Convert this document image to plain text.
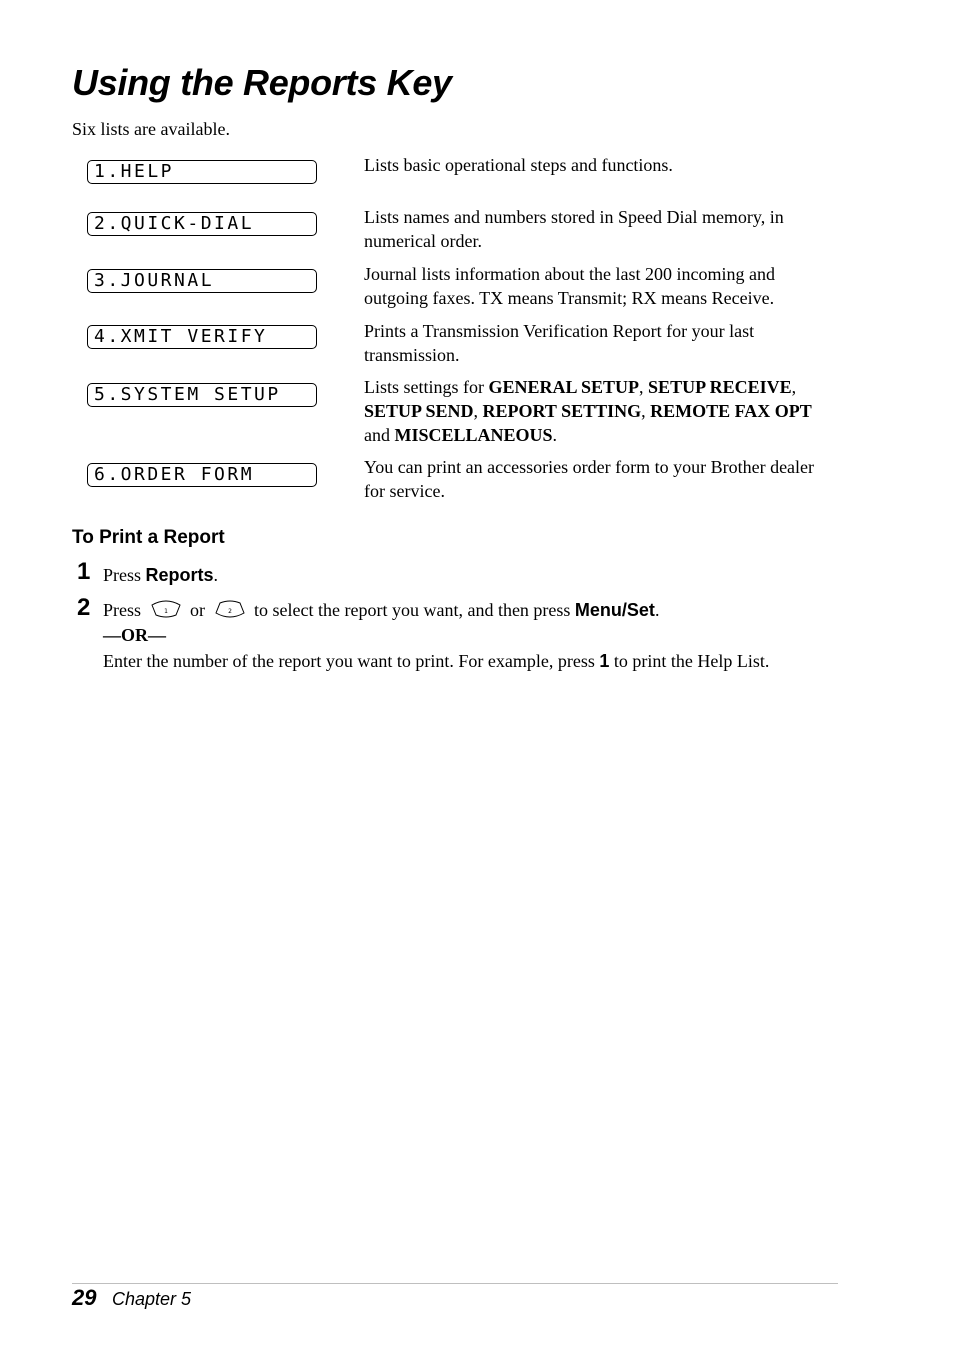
Using the Reports Key
Six lists are available.
1.HELP	Lists basic operational steps and functions.
2.QUICK-DIAL	Lists names and numbers stored in Speed Dial memory, in numerical order.
3.JOURNAL	Journal lists information about the last 200 incoming and outgoing faxes. TX means Transmit; RX means Receive.
4.XMIT VERIFY	Prints a Transmission Verification Report for your last transmission.
5.SYSTEM SETUP	Lists settings for GENERAL SETUP, SETUP RECEIVE, SETUP SEND, REPORT SETTING, REMOTE FAX OPT and MISCELLANEOUS.
6.ORDER FORM	You can print an accessories order form to your Brother dealer for service.
To Print a Report
1 Press Reports.
2 Press	1 or	2 to select the report you want, and then press Menu/Set.
—OR—
Enter the number of the report you want to print. For example, press 1 to print the Help List.
29 Chapter 5
